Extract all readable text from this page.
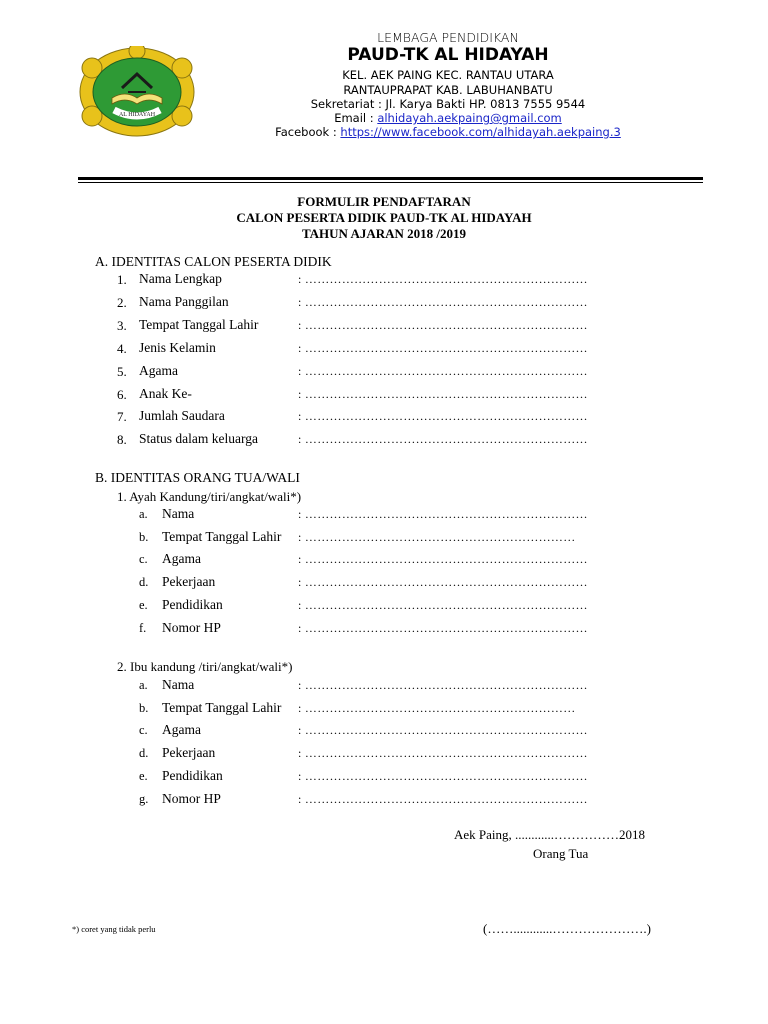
AL HIDAYAH
LEMBAGA PENDIDIKAN
PAUD-TK AL HIDAYAH
KEL. AEK PAING KEC. RANTAU UTARA
RANTAUPRAPAT KAB. LABUHANBATU
Sekretariat : Jl. Karya Bakti HP. 0813 7555 9544
Email : alhidayah.aekpaing@gmail.com
Facebook : https://www.facebook.com/alhidayah.aekpaing.3
FORMULIR PENDAFTARAN
CALON PESERTA DIDIK PAUD-TK AL HIDAYAH
TAHUN AJARAN 2018 /2019
A. IDENTITAS CALON PESERTA DIDIK
1. Nama Lengkap	: ……………………………………………………………
2. Nama Panggilan	: ……………………………………………………………
3. Tempat Tanggal Lahir	: ……………………………………………………………
4. Jenis Kelamin	: ……………………………………………………………
5. Agama	: ……………………………………………………………
6. Anak Ke-	: ……………………………………………………………
7. Jumlah Saudara	: ……………………………………………………………
8. Status dalam keluarga	: ……………………………………………………………
B. IDENTITAS ORANG TUA/WALI
1. Ayah Kandung/tiri/angkat/wali*)
a. Nama	: ……………………………………………………………
b. Tempat Tanggal Lahir : …………………………………………………………
c. Agama	: ……………………………………………………………
d. Pekerjaan	: ……………………………………………………………
e. Pendidikan	: ……………………………………………………………
f. Nomor HP	: ……………………………………………………………
2. Ibu kandung /tiri/angkat/wali*)
a. Nama	: ……………………………………………………………
b. Tempat Tanggal Lahir : …………………………………………………………
c. Agama	: ……………………………………………………………
d. Pekerjaan	: ……………………………………………………………
e. Pendidikan	: ……………………………………………………………
g. Nomor HP	: ……………………………………………………………
Aek Paing, ............……………2018
Orang Tua
(……............………………….)
*) coret yang tidak perlu
